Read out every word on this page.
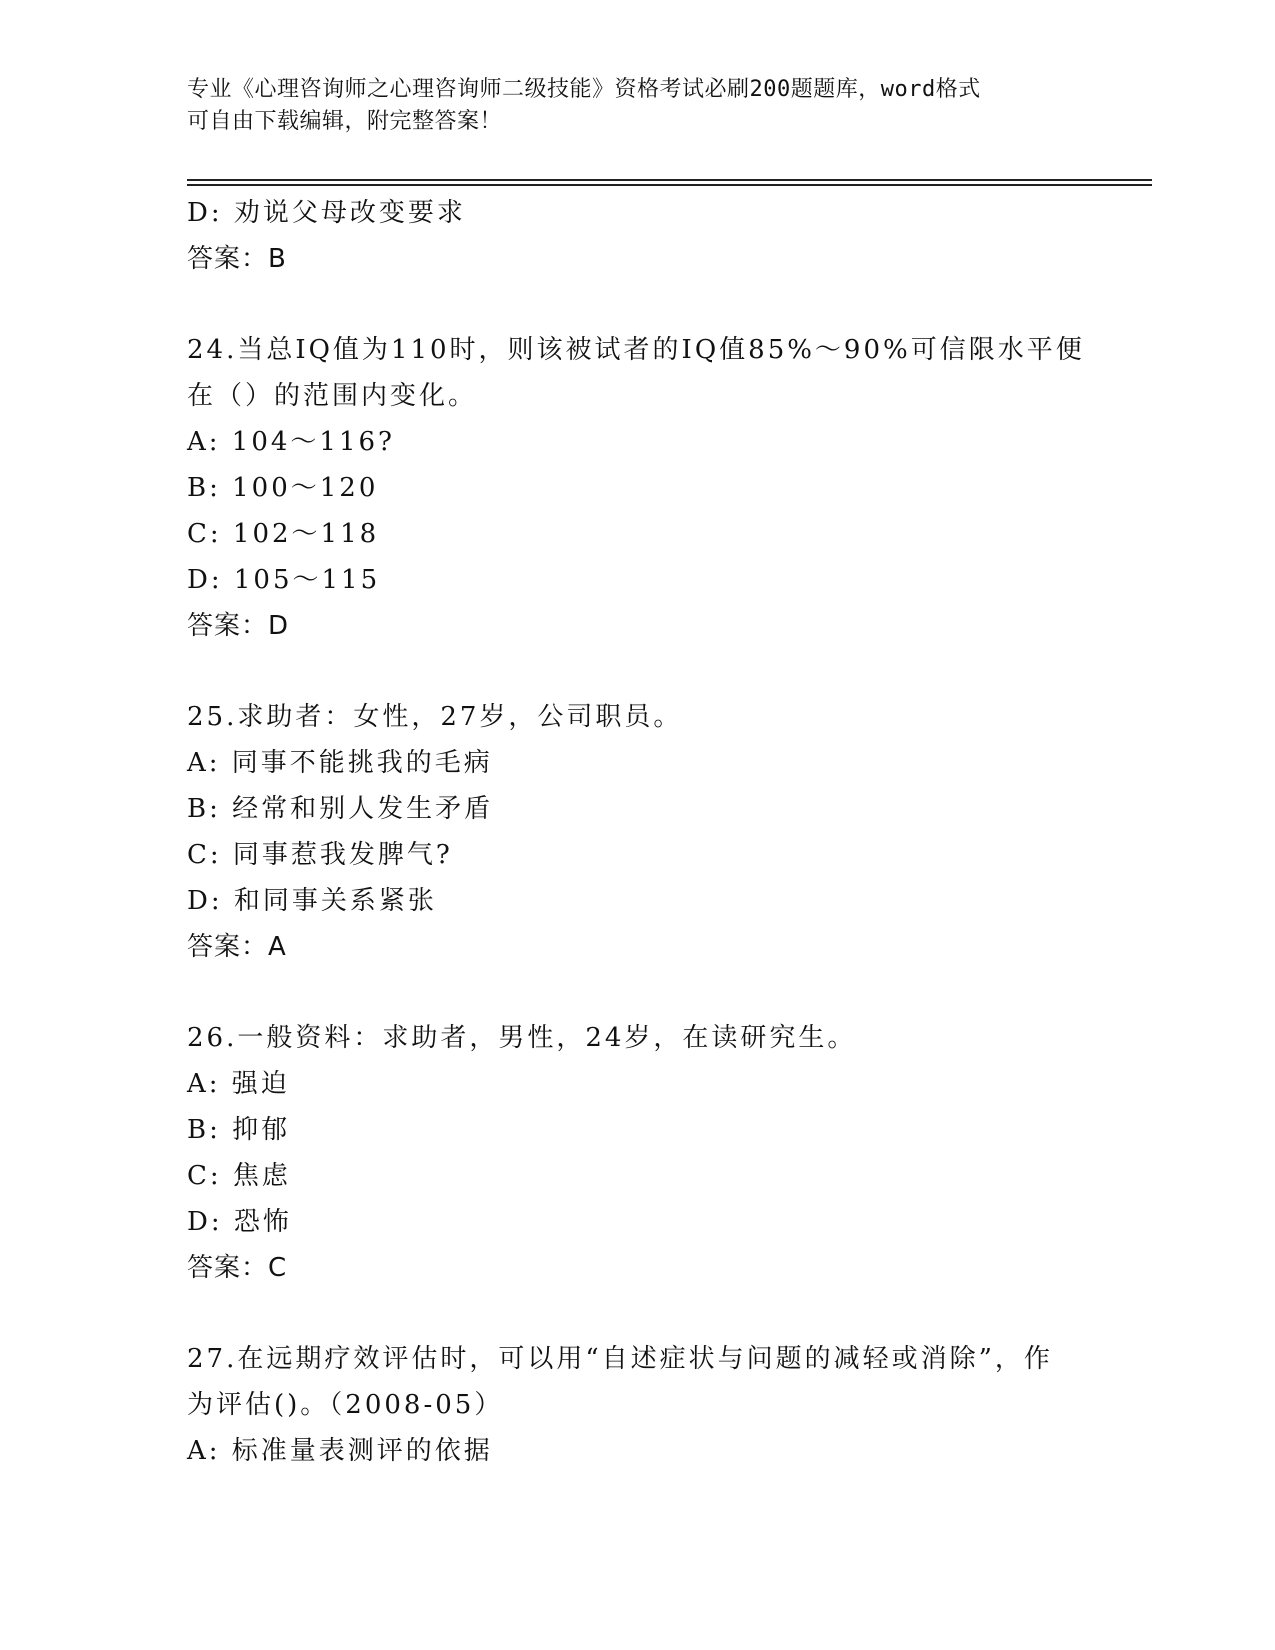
专业《心理咨询师之心理咨询师二级技能》资格考试必刷200题题库，word格式
可自由下载编辑，附完整答案！
D: 劝说父母改变要求
答案：B
24.当总IQ值为110时，则该被试者的IQ值85%～90%可信限水平便
在（）的范围内变化。
A: 104～116?
B: 100～120
C: 102～118
D: 105～115
答案：D
25.求助者：女性，27岁，公司职员。
A: 同事不能挑我的毛病
B: 经常和别人发生矛盾
C: 同事惹我发脾气?
D: 和同事关系紧张
答案：A
26.一般资料：求助者，男性，24岁，在读研究生。
A: 强迫
B: 抑郁
C: 焦虑
D: 恐怖
答案：C
27.在远期疗效评估时，可以用“自述症状与问题的减轻或消除”，作
为评估()。（2008-05）
A: 标准量表测评的依据
